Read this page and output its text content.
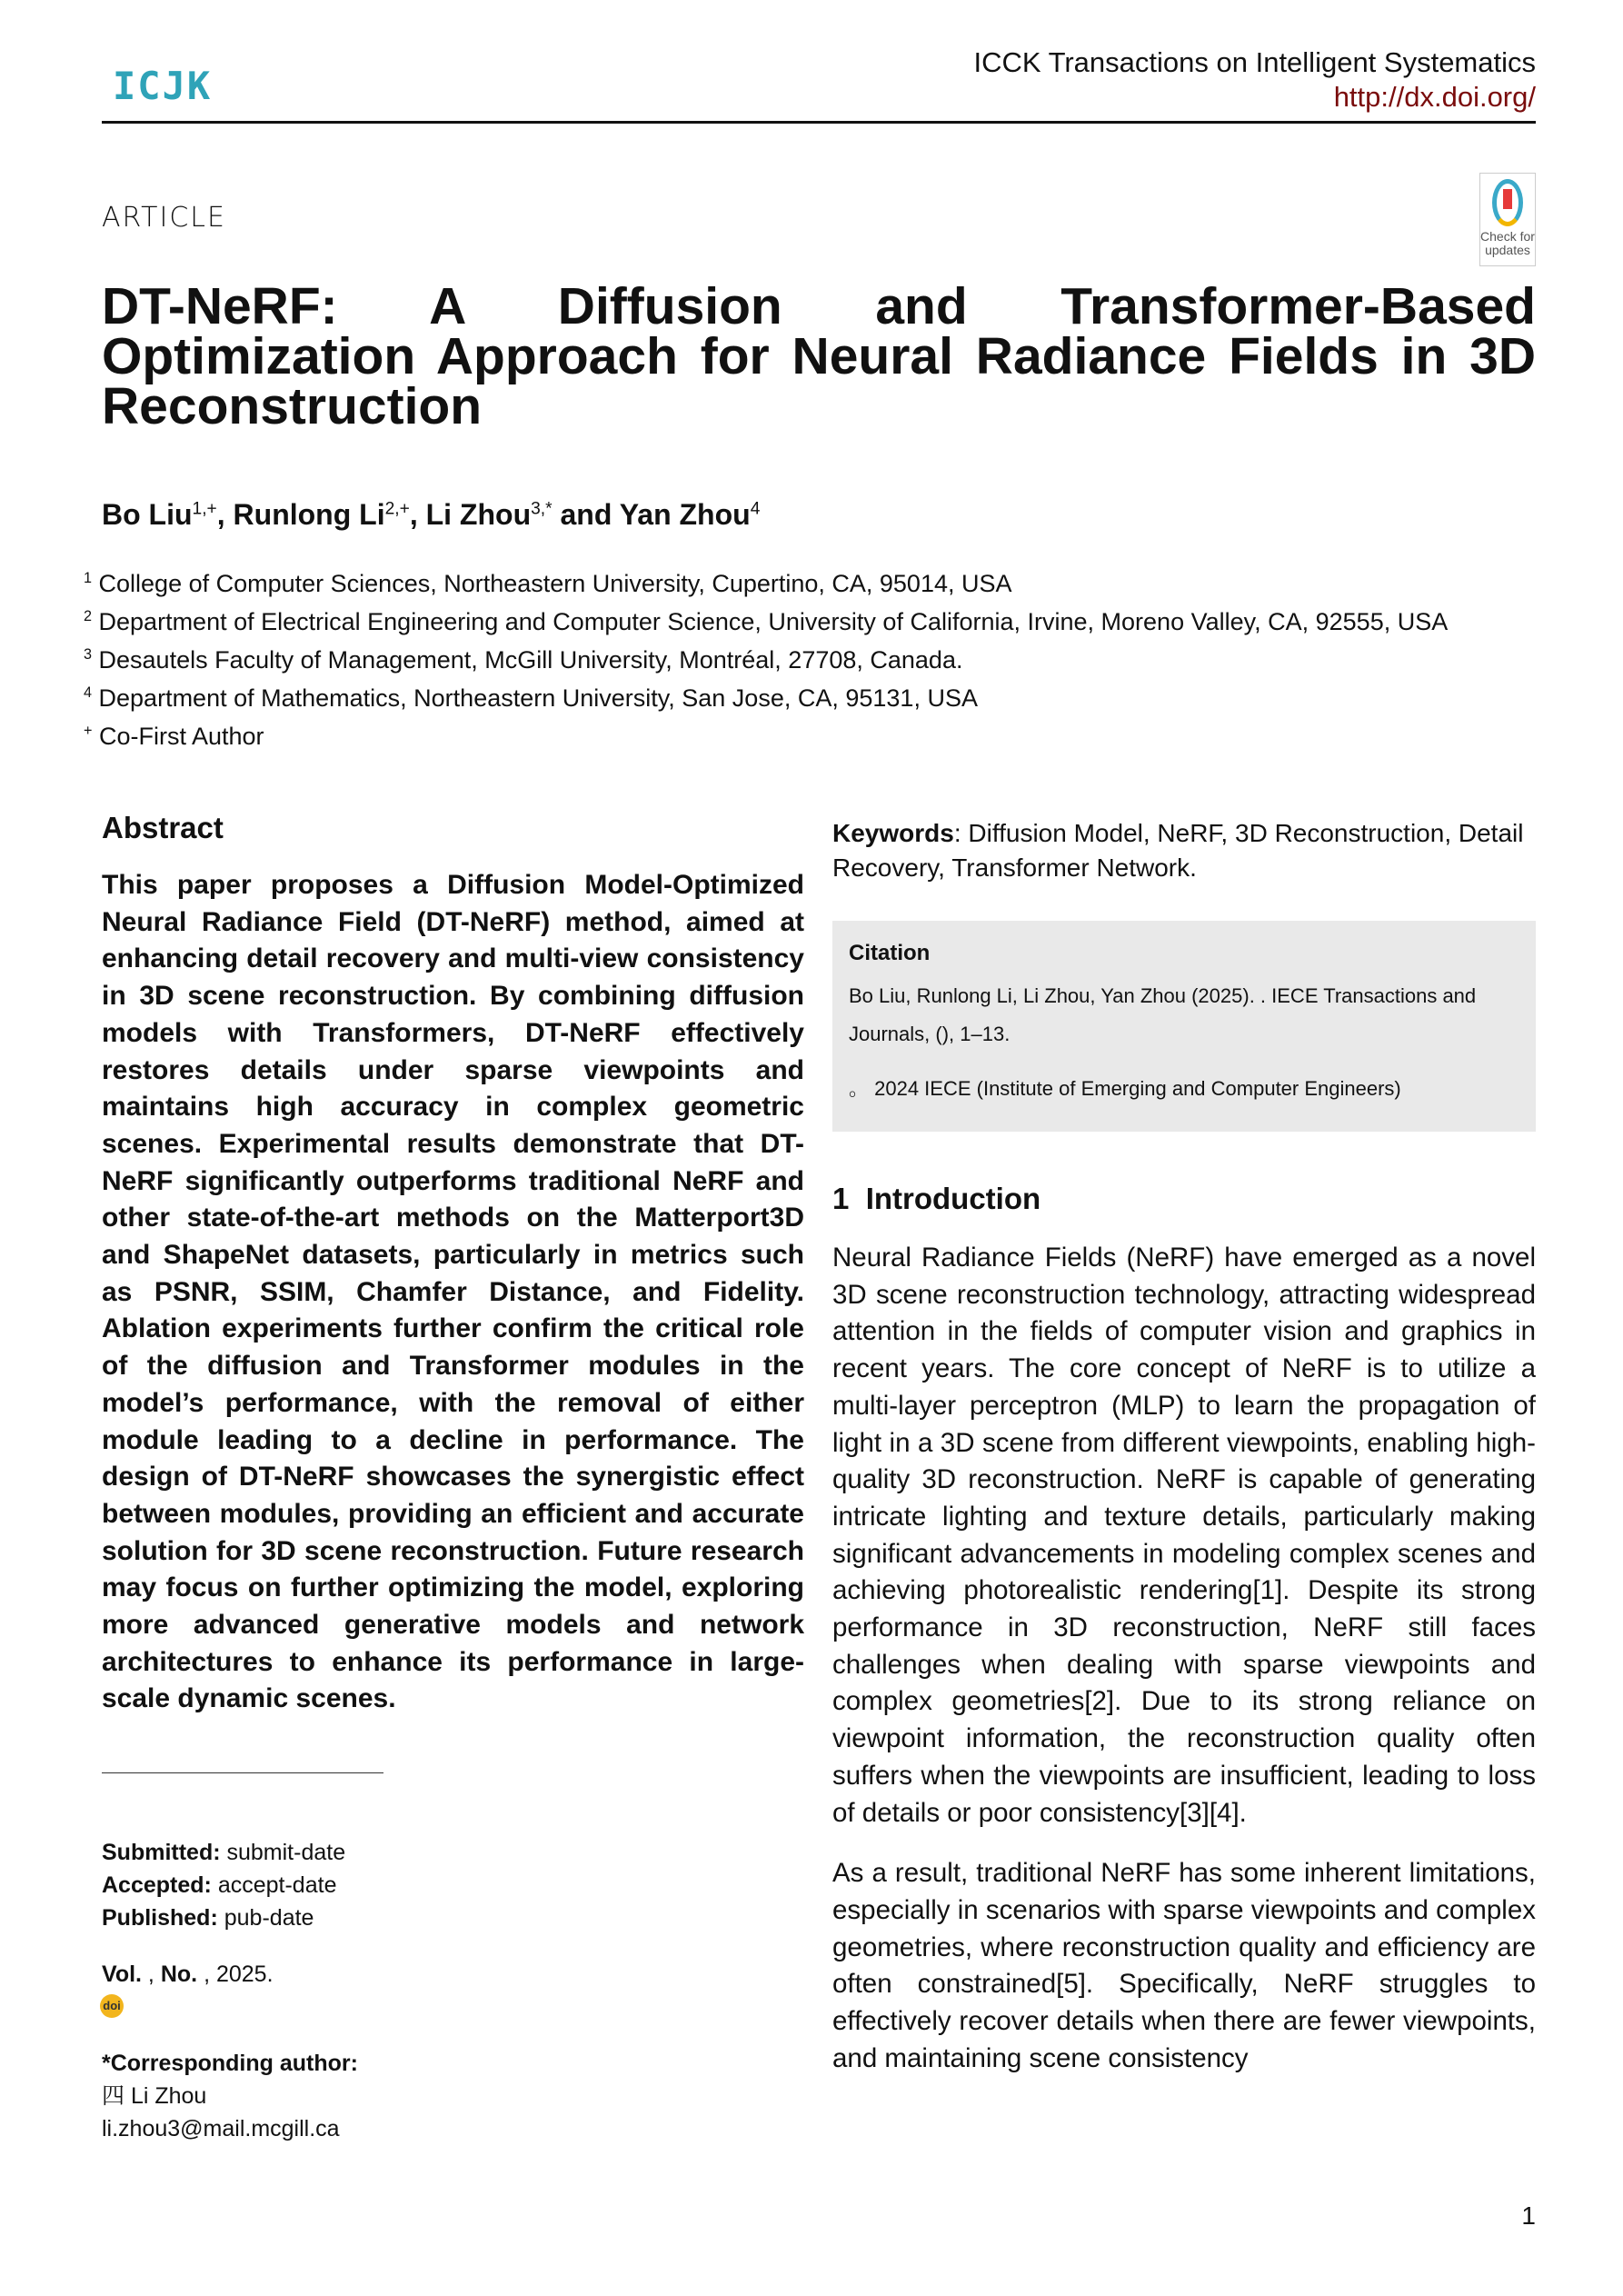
ICJK
ICCK Transactions on Intelligent Systematics
http://dx.doi.org/
ARTICLE
Check for updates
DT-NeRF: A Diffusion and Transformer-Based Optimization Approach for Neural Radiance Fields in 3D Reconstruction
Bo Liu$^{1,+}$, Runlong $Li^{2,+}$, Li Zhou$^{3,*}$ and Yan Zhou$^4$
$^1$ College of Computer Sciences, Northeastern University, Cupertino, CA, 95014, USA
$^2$ Department of Electrical Engineering and Computer Science, University of California, Irvine, Moreno Valley, CA, 92555, USA
$^3$ Desautels Faculty of Management, McGill University, Montréal, 27708, Canada.
$^4$ Department of Mathematics, Northeastern University, San Jose, CA, 95131, USA
+ Co-First Author
Abstract
This paper proposes a Diffusion Model-Optimized Neural Radiance Field (DT-NeRF) method, aimed at enhancing detail recovery and multi-view consistency in 3D scene reconstruction. By combining diffusion models with Transformers, DT-NeRF effectively restores details under sparse viewpoints and maintains high accuracy in complex geometric scenes. Experimental results demonstrate that DT-NeRF significantly outperforms traditional NeRF and other state-of-the-art methods on the Matterport3D and ShapeNet datasets, particularly in metrics such as PSNR, SSIM, Chamfer Distance, and Fidelity. Ablation experiments further confirm the critical role of the diffusion and Transformer modules in the model’s performance, with the removal of either module leading to a decline in performance. The design of DT-NeRF showcases the synergistic effect between modules, providing an efficient and accurate solution for 3D scene reconstruction. Future research may focus on further optimizing the model, exploring more advanced generative models and network architectures to enhance its performance in large-scale dynamic scenes.
Submitted: submit-date
Accepted: accept-date
Published: pub-date
Vol. , No. , 2025.
doi
*Corresponding author:
四 Li Zhou
li.zhou3@mail.mcgill.ca
Keywords: Diffusion Model, NeRF, 3D Reconstruction, Detail Recovery, Transformer Network.
Citation
Bo Liu, Runlong Li, Li Zhou, Yan Zhou (2025). . IECE Transactions and Journals, (), 1–13.
。 2024 IECE (Institute of Emerging and Computer Engineers)
1  Introduction

Neural Radiance Fields (NeRF) have emerged as a novel 3D scene reconstruction technology, attracting widespread attention in the fields of computer vision and graphics in recent years. The core concept of NeRF is to utilize a multi-layer perceptron (MLP) to learn the propagation of light in a 3D scene from different viewpoints, enabling high-quality 3D reconstruction. NeRF is capable of generating intricate lighting and texture details, particularly making significant advancements in modeling complex scenes and achieving photorealistic rendering[1]. Despite its strong performance in 3D reconstruction, NeRF still faces challenges when dealing with sparse viewpoints and complex geometries[2]. Due to its strong reliance on viewpoint information, the reconstruction quality often suffers when the viewpoints are insufficient, leading to loss of details or poor consistency[3][4].

As a result, traditional NeRF has some inherent limitations, especially in scenarios with sparse viewpoints and complex geometries, where reconstruction quality and efficiency are often constrained[5]. Specifically, NeRF struggles to effectively recover details when there are fewer viewpoints, and maintaining scene consistency

1
